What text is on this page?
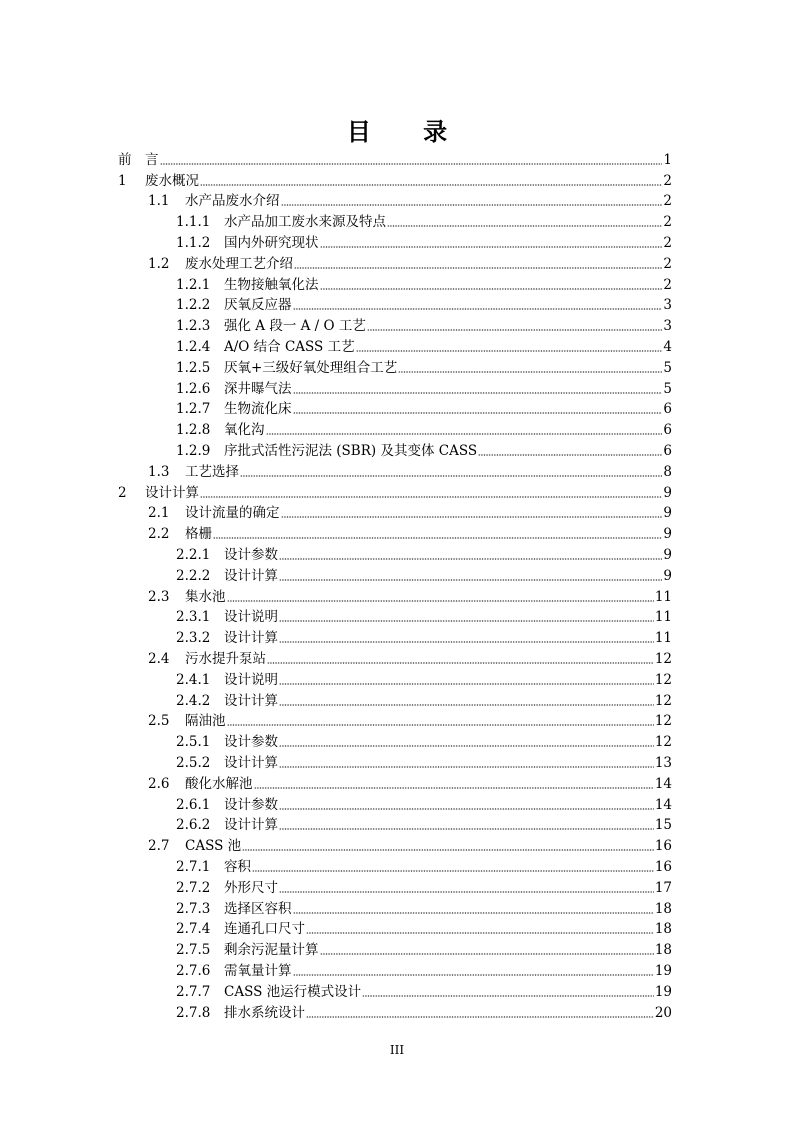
目 录
前	言	1
1	废水概况	2
1.1	水产品废水介绍	2
1.1.1	水产品加工废水来源及特点	2
1.1.2	国内外研究现状	2
1.2	废水处理工艺介绍	2
1.2.1	生物接触氧化法	2
1.2.2	厌氧反应器	3
1.2.3	强化 A 段一 A / O 工艺	3
1.2.4	A/O 结合 CASS 工艺	4
1.2.5	厌氧+三级好氧处理组合工艺	5
1.2.6	深井曝气法	5
1.2.7	生物流化床	6
1.2.8	氧化沟	6
1.2.9	序批式活性污泥法 (SBR) 及其变体 CASS	6
1.3	工艺选择	8
2	设计计算	9
2.1	设计流量的确定	9
2.2	格栅	9
2.2.1	设计参数	9
2.2.2	设计计算	9
2.3	集水池	11
2.3.1	设计说明	11
2.3.2	设计计算	11
2.4	污水提升泵站	12
2.4.1	设计说明	12
2.4.2	设计计算	12
2.5	隔油池	12
2.5.1	设计参数	12
2.5.2	设计计算	13
2.6	酸化水解池	14
2.6.1	设计参数	14
2.6.2	设计计算	15
2.7	CASS 池	16
2.7.1	容积	16
2.7.2	外形尺寸	17
2.7.3	选择区容积	18
2.7.4	连通孔口尺寸	18
2.7.5	剩余污泥量计算	18
2.7.6	需氧量计算	19
2.7.7	CASS 池运行模式设计	19
2.7.8	排水系统设计	20
III
